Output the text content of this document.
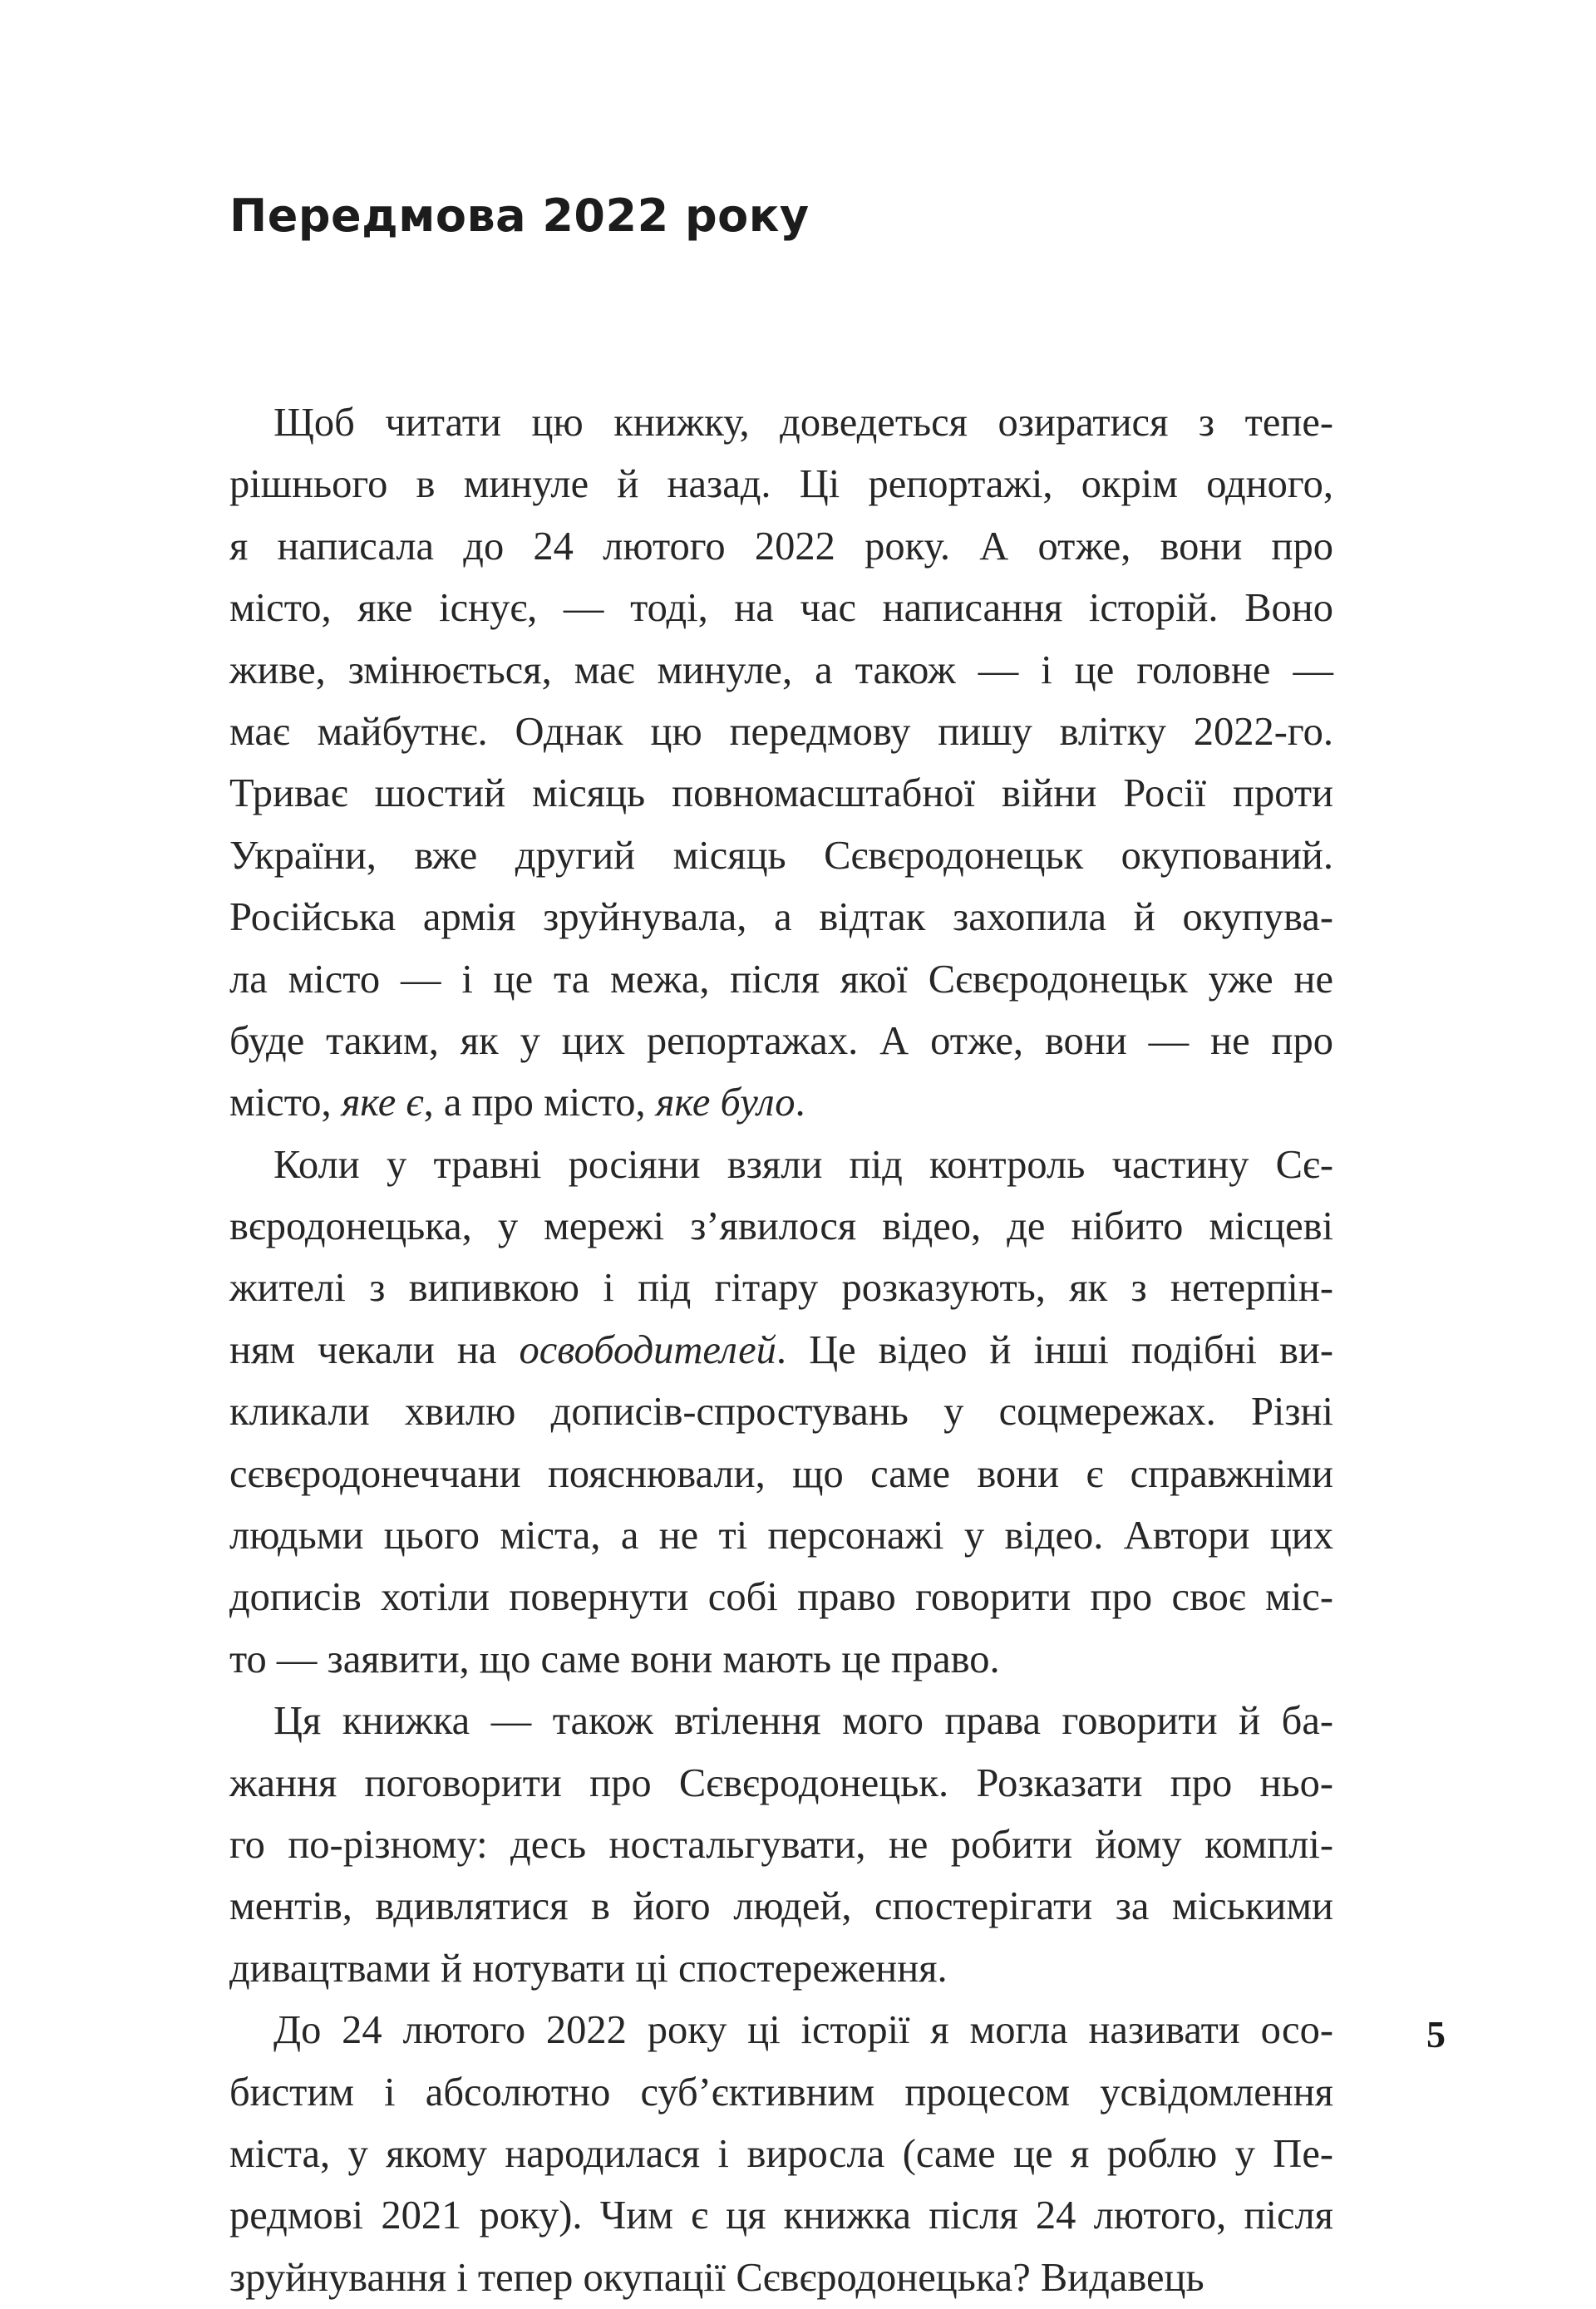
Передмова 2022 року
Щоб читати цю книжку, доведеться озиратися з тепе-
рішнього в минуле й назад. Ці репортажі, окрім одного,
я написала до 24 лютого 2022 року. А отже, вони про
місто, яке існує, — тоді, на час написання історій. Воно
живе, змінюється, має минуле, а також — і це головне —
має майбутнє. Однак цю передмову пишу влітку 2022-го.
Триває шостий місяць повномасштабної війни Росії проти
України, вже другий місяць Сєвєродонецьк окупований.
Російська армія зруйнувала, а відтак захопила й окупува-
ла місто — і це та межа, після якої Сєвєродонецьк уже не
буде таким, як у цих репортажах. А отже, вони — не про
місто, яке є, а про місто, яке було.
Коли у травні росіяни взяли під контроль частину Сє-
вєродонецька, у мережі з’явилося відео, де нібито місцеві
жителі з випивкою і під гітару розказують, як з нетерпін-
ням чекали на освободителей. Це відео й інші подібні ви-
кликали хвилю дописів-спростувань у соцмережах. Різні
сєвєродонеччани пояснювали, що саме вони є справжніми
людьми цього міста, а не ті персонажі у відео. Автори цих
дописів хотіли повернути собі право говорити про своє міс-
то — заявити, що саме вони мають це право.
Ця книжка — також втілення мого права говорити й ба-
жання поговорити про Сєвєродонецьк. Розказати про ньо-
го по-різному: десь ностальгувати, не робити йому комплі-
ментів, вдивлятися в його людей, спостерігати за міськими
дивацтвами й нотувати ці спостереження.
До 24 лютого 2022 року ці історії я могла називати осо-
бистим і абсолютно суб’єктивним процесом усвідомлення
міста, у якому народилася і виросла (саме це я роблю у Пе-
редмові 2021 року). Чим є ця книжка після 24 лютого, після
зруйнування і тепер окупації Сєвєродонецька? Видавець
5
